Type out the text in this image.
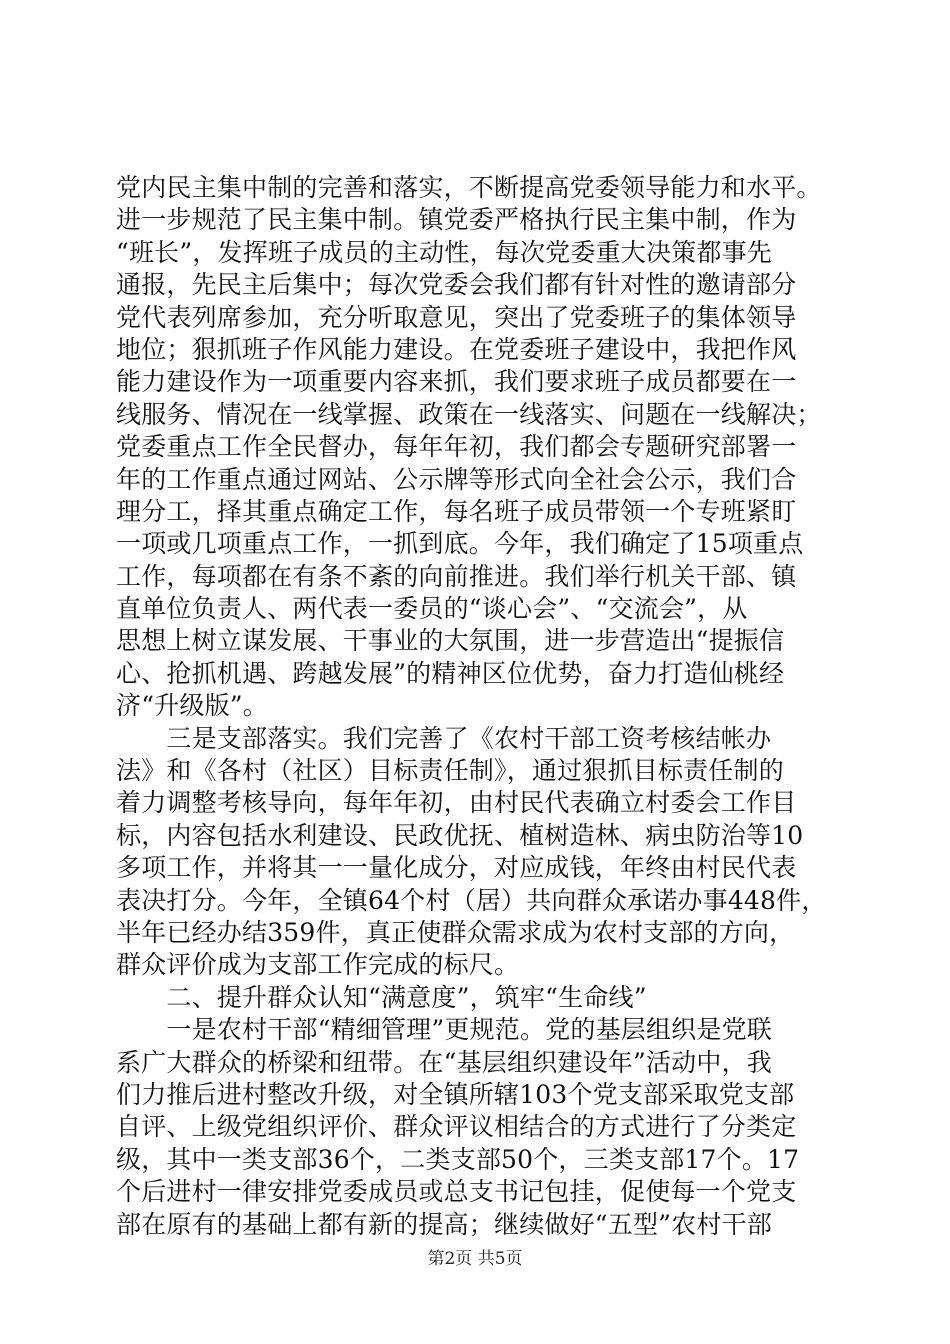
党内民主集中制的完善和落实，不断提高党委领导能力和水平。
进一步规范了民主集中制。镇党委严格执行民主集中制，作为
“班长”，发挥班子成员的主动性，每次党委重大决策都事先
通报，先民主后集中；每次党委会我们都有针对性的邀请部分
党代表列席参加，充分听取意见，突出了党委班子的集体领导
地位；狠抓班子作风能力建设。在党委班子建设中，我把作风
能力建设作为一项重要内容来抓，我们要求班子成员都要在一
线服务、情况在一线掌握、政策在一线落实、问题在一线解决；
党委重点工作全民督办，每年年初，我们都会专题研究部署一
年的工作重点通过网站、公示牌等形式向全社会公示，我们合
理分工，择其重点确定工作，每名班子成员带领一个专班紧盯
一项或几项重点工作，一抓到底。今年，我们确定了15项重点
工作，每项都在有条不紊的向前推进。我们举行机关干部、镇
直单位负责人、两代表一委员的“谈心会”、“交流会”，从
思想上树立谋发展、干事业的大氛围，进一步营造出“提振信
心、抢抓机遇、跨越发展”的精神区位优势，奋力打造仙桃经
济“升级版”。
　　三是支部落实。我们完善了《农村干部工资考核结帐办
法》和《各村（社区）目标责任制》，通过狠抓目标责任制的
着力调整考核导向，每年年初，由村民代表确立村委会工作目
标，内容包括水利建设、民政优抚、植树造林、病虫防治等10
多项工作，并将其一一量化成分，对应成钱，年终由村民代表
表决打分。今年，全镇64个村（居）共向群众承诺办事448件，
半年已经办结359件，真正使群众需求成为农村支部的方向，
群众评价成为支部工作完成的标尺。
　　二、提升群众认知“满意度”，筑牢“生命线”
　　一是农村干部“精细管理”更规范。党的基层组织是党联
系广大群众的桥梁和纽带。在“基层组织建设年”活动中，我
们力推后进村整改升级，对全镇所辖103个党支部采取党支部
自评、上级党组织评价、群众评议相结合的方式进行了分类定
级，其中一类支部36个，二类支部50个，三类支部17个。17
个后进村一律安排党委成员或总支书记包挂，促使每一个党支
部在原有的基础上都有新的提高；继续做好“五型”农村干部
第2页 共5页
